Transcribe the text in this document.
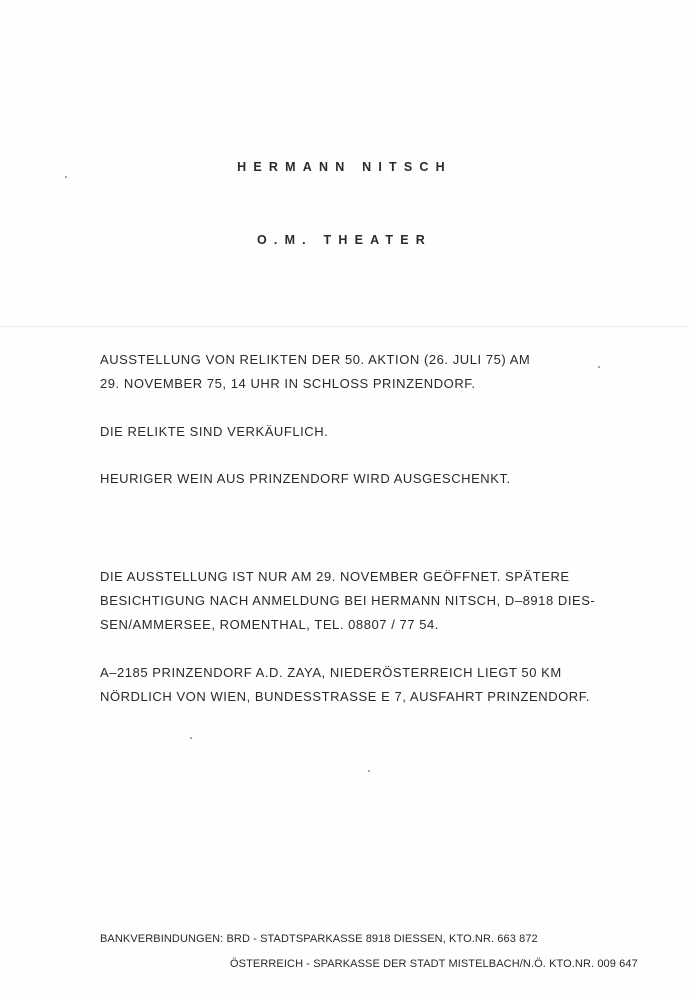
HERMANN NITSCH
O.M. THEATER
AUSSTELLUNG VON RELIKTEN DER 50. AKTION (26. JULI 75) AM
29. NOVEMBER 75, 14 UHR IN SCHLOSS PRINZENDORF.
DIE RELIKTE SIND VERKÄUFLICH.
HEURIGER WEIN AUS PRINZENDORF WIRD AUSGESCHENKT.
DIE AUSSTELLUNG IST NUR AM 29. NOVEMBER GEÖFFNET. SPÄTERE
BESICHTIGUNG NACH ANMELDUNG BEI HERMANN NITSCH, D–8918 DIES-
SEN/AMMERSEE, ROMENTHAL, TEL. 08807 / 77 54.
A–2185 PRINZENDORF A.D. ZAYA, NIEDERÖSTERREICH LIEGT 50 KM
NÖRDLICH VON WIEN, BUNDESSTRASSE E 7, AUSFAHRT PRINZENDORF.
BANKVERBINDUNGEN: BRD - STADTSPARKASSE 8918 DIESSEN, KTO.NR. 663 872
ÖSTERREICH - SPARKASSE DER STADT MISTELBACH/N.Ö. KTO.NR. 009 647
